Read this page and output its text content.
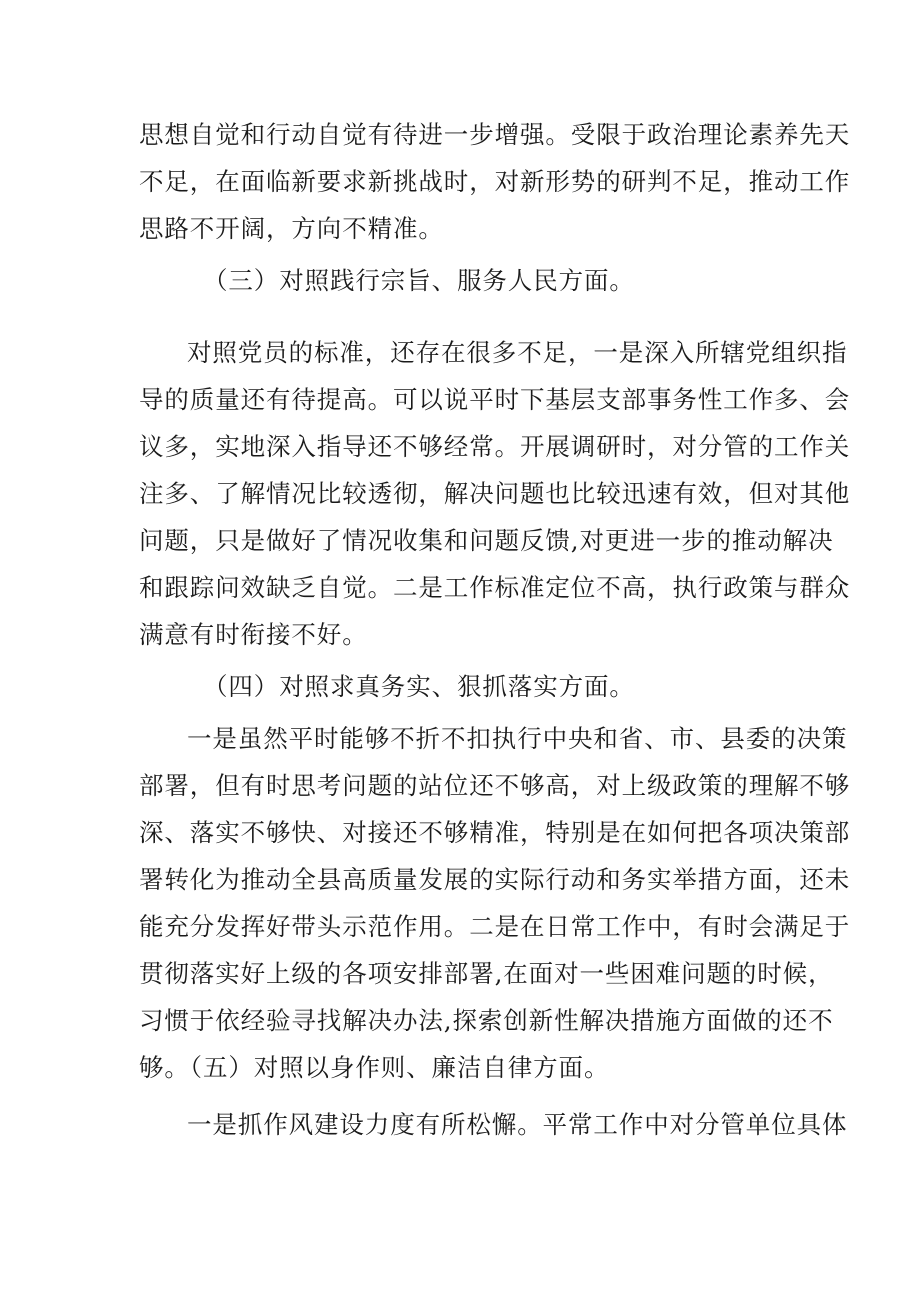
思想自觉和行动自觉有待进一步增强。受限于政治理论素养先天
不足，在面临新要求新挑战时，对新形势的研判不足，推动工作
思路不开阔，方向不精准。
（三）对照践行宗旨、服务人民方面。
对照党员的标准，还存在很多不足，一是深入所辖党组织指
导的质量还有待提高。可以说平时下基层支部事务性工作多、会
议多，实地深入指导还不够经常。开展调研时，对分管的工作关
注多、了解情况比较透彻，解决问题也比较迅速有效，但对其他
问题，只是做好了情况收集和问题反馈,对更进一步的推动解决
和跟踪问效缺乏自觉。二是工作标准定位不高，执行政策与群众
满意有时衔接不好。
（四）对照求真务实、狠抓落实方面。
一是虽然平时能够不折不扣执行中央和省、市、县委的决策
部署，但有时思考问题的站位还不够高，对上级政策的理解不够
深、落实不够快、对接还不够精准，特别是在如何把各项决策部
署转化为推动全县高质量发展的实际行动和务实举措方面，还未
能充分发挥好带头示范作用。二是在日常工作中，有时会满足于
贯彻落实好上级的各项安排部署,在面对一些困难问题的时候，
习惯于依经验寻找解决办法,探索创新性解决措施方面做的还不
够。（五）对照以身作则、廉洁自律方面。
一是抓作风建设力度有所松懈。平常工作中对分管单位具体
